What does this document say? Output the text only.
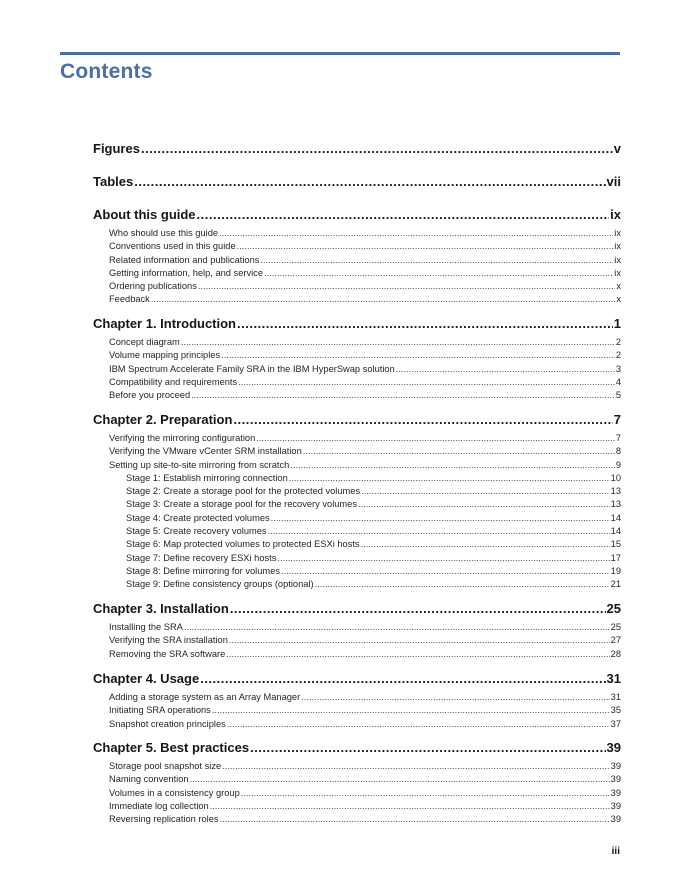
Contents
Figures .....	v
Tables .....	vii
About this guide .....	ix
Who should use this guide .....	ix
Conventions used in this guide .....	ix
Related information and publications .....	ix
Getting information, help, and service .....	ix
Ordering publications .....	x
Feedback .....	x
Chapter 1. Introduction .....	1
Concept diagram .....	2
Volume mapping principles .....	2
IBM Spectrum Accelerate Family SRA in the IBM HyperSwap solution .....	3
Compatibility and requirements .....	4
Before you proceed .....	5
Chapter 2. Preparation .....	7
Verifying the mirroring configuration .....	7
Verifying the VMware vCenter SRM installation .....	8
Setting up site-to-site mirroring from scratch .....	9
Stage 1: Establish mirroring connection .....	10
Stage 2: Create a storage pool for the protected volumes .....	13
Stage 3: Create a storage pool for the recovery volumes .....	13
Stage 4: Create protected volumes .....	14
Stage 5: Create recovery volumes .....	14
Stage 6: Map protected volumes to protected ESXi hosts .....	15
Stage 7: Define recovery ESXi hosts .....	17
Stage 8: Define mirroring for volumes .....	19
Stage 9: Define consistency groups (optional) .....	21
Chapter 3. Installation .....	25
Installing the SRA .....	25
Verifying the SRA installation .....	27
Removing the SRA software .....	28
Chapter 4. Usage .....	31
Adding a storage system as an Array Manager .....	31
Initiating SRA operations .....	35
Snapshot creation principles .....	37
Chapter 5. Best practices .....	39
Storage pool snapshot size .....	39
Naming convention .....	39
Volumes in a consistency group .....	39
Immediate log collection .....	39
Reversing replication roles .....	39
iii
